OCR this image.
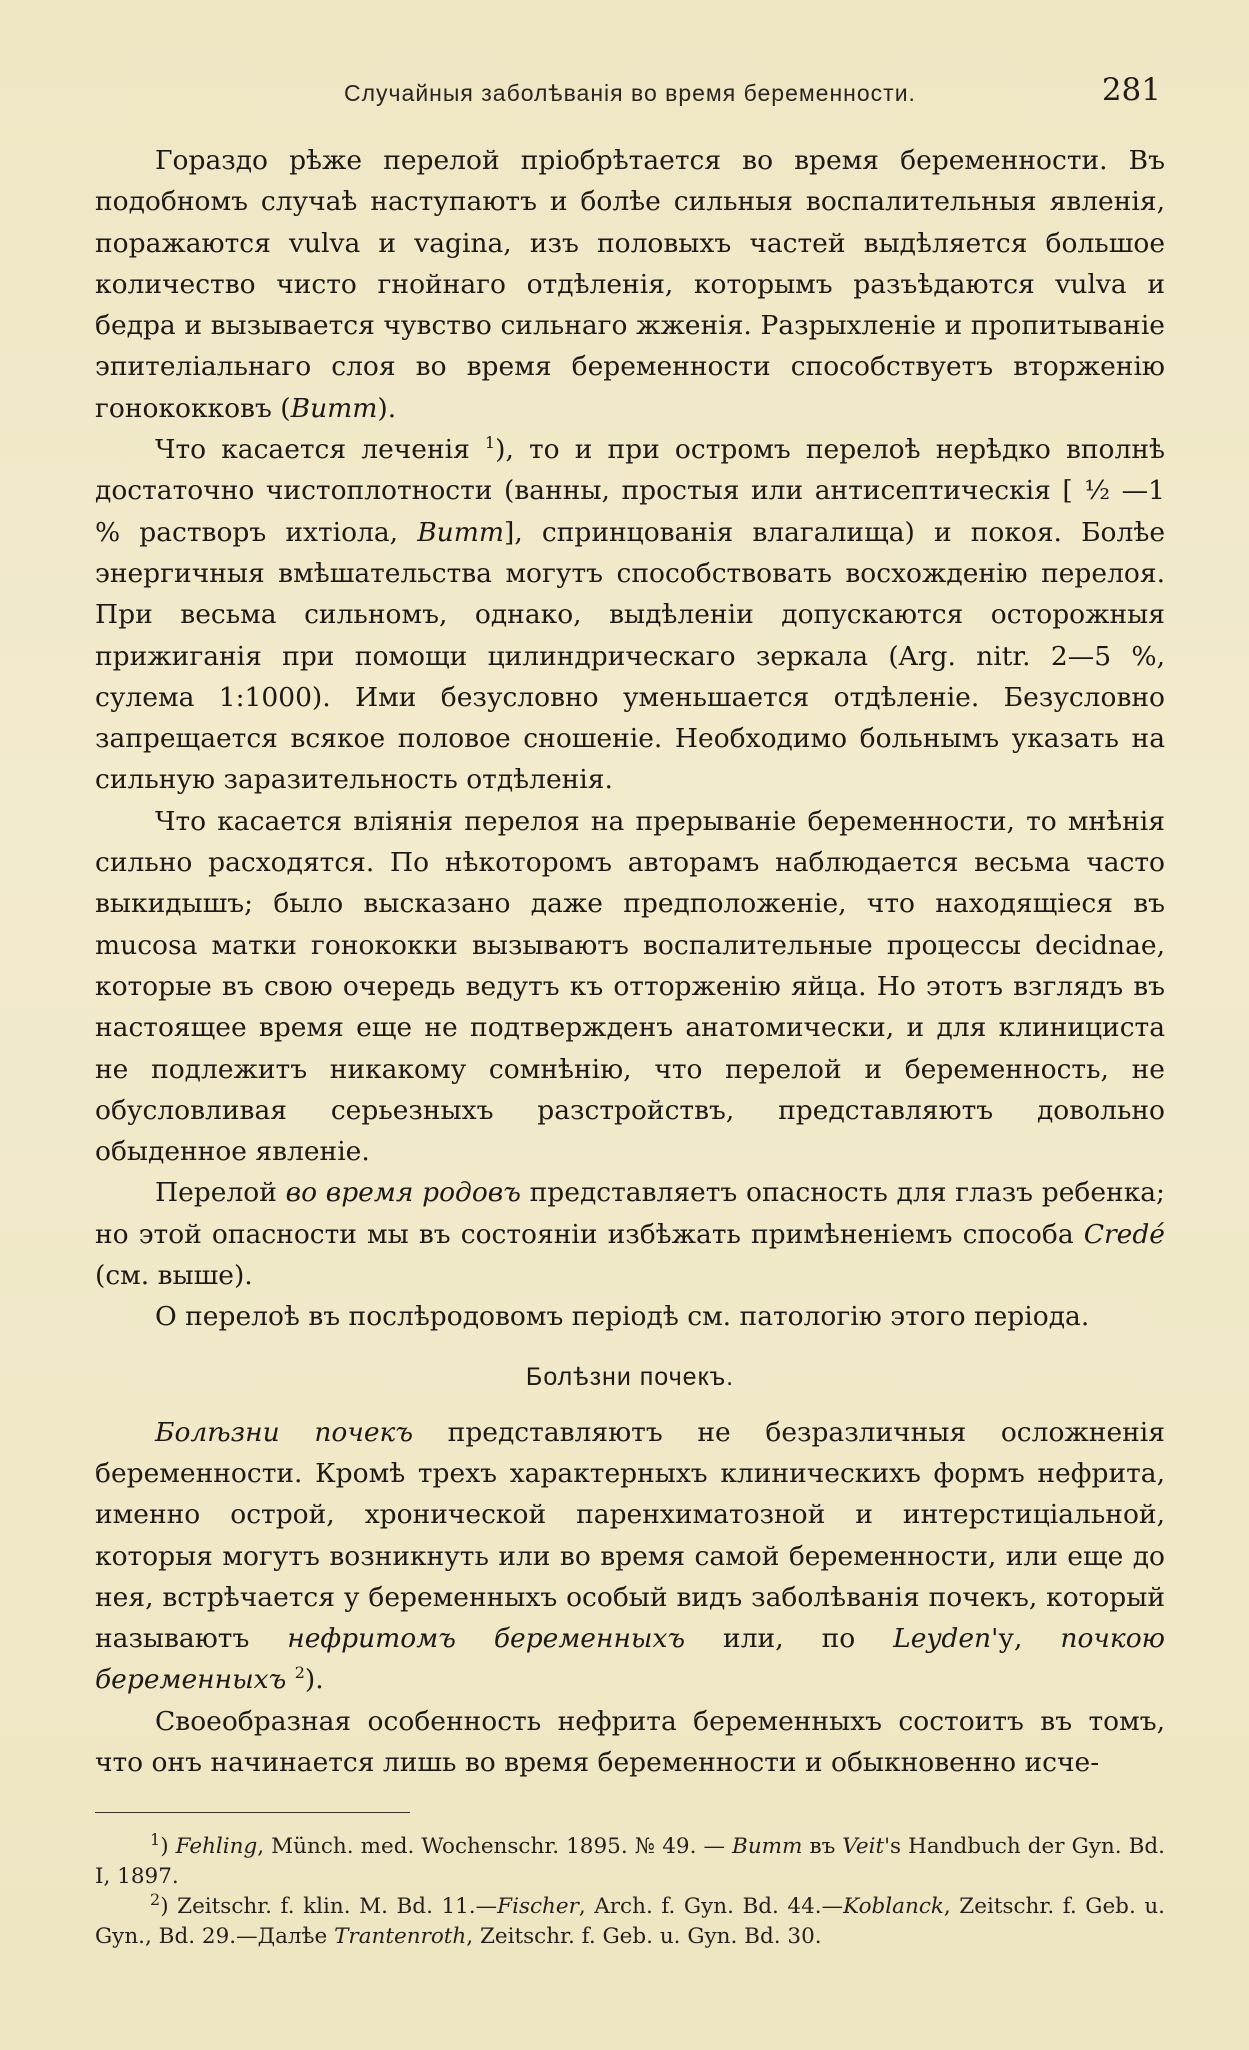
Случайныя заболѣванія во время беременности.	281

Гораздо рѣже перелой пріобрѣтается во время беременности. Въ подобномъ случаѣ наступаютъ и болѣе сильныя воспалительныя явленія, поражаются vulva и vagina, изъ половыхъ частей выдѣляется большое количество чисто гнойнаго отдѣленія, которымъ разъѣдаются vulva и бедра и вызывается чувство сильнаго жженія. Разрыхленіе и пропитываніе эпителіальнаго слоя во время беременности способствуетъ вторженію гонококковъ (Витт).

Что касается леченія $^1$), то и при остромъ перелоѣ нерѣдко вполнѣ достаточно чистоплотности (ванны, простыя или антисептическія [ ½ —1 % растворъ ихтіола, Витт], спринцованія влагалища) и покоя. Болѣе энергичныя вмѣшательства могутъ способствовать восхожденію перелоя. При весьма сильномъ, однако, выдѣленіи допускаются осторожныя прижиганія при помощи цилиндрическаго зеркала (Arg. nitr. 2—5 %, сулема 1:1000). Ими безусловно уменьшается отдѣленіе. Безусловно запрещается всякое половое сношеніе. Необходимо больнымъ указать на сильную заразительность отдѣленія.

Что касается вліянія перелоя на прерываніе беременности, то мнѣнія сильно расходятся. По нѣкоторомъ авторамъ наблюдается весьма часто выкидышъ; было высказано даже предположеніе, что находящіеся въ mucosa матки гонококки вызываютъ воспалительные процессы decidnae, которые въ свою очередь ведутъ къ отторженію яйца. Но этотъ взглядъ въ настоящее время еще не подтвержденъ анатомически, и для клинициста не подлежитъ никакому сомнѣнію, что перелой и беременность, не обусловливая серьезныхъ разстройствъ, представляютъ довольно обыденное явленіе.

Перелой во время родовъ представляетъ опасность для глазъ ребенка; но этой опасности мы въ состояніи избѣжать примѣненіемъ способа Credé (см. выше).

О перелоѣ въ послѣродовомъ періодѣ см. патологію этого періода.

Болѣзни почекъ.

Болѣзни почекъ представляютъ не безразличныя осложненія беременности. Кромѣ трехъ характерныхъ клиническихъ формъ нефрита, именно острой, хронической паренхиматозной и интерстиціальной, которыя могутъ возникнуть или во время самой беременности, или еще до нея, встрѣчается у беременныхъ особый видъ заболѣванія почекъ, который называютъ нефритомъ беременныхъ или, по Leyden'у, почкою беременныхъ $^2$).

Своеобразная особенность нефрита беременныхъ состоитъ въ томъ, что онъ начинается лишь во время беременности и обыкновенно исче-

$^1$) Fehling, Münch. med. Wochenschr. 1895. № 49. — Витт въ Veit's Handbuch der Gyn. Bd. I, 1897.

$^2$) Zeitschr. f. klin. M. Bd. 11.—Fischer, Arch. f. Gyn. Bd. 44.—Koblanck, Zeitschr. f. Geb. u. Gyn., Bd. 29.—Далѣе Trantenroth, Zeitschr. f. Geb. u. Gyn. Bd. 30.
